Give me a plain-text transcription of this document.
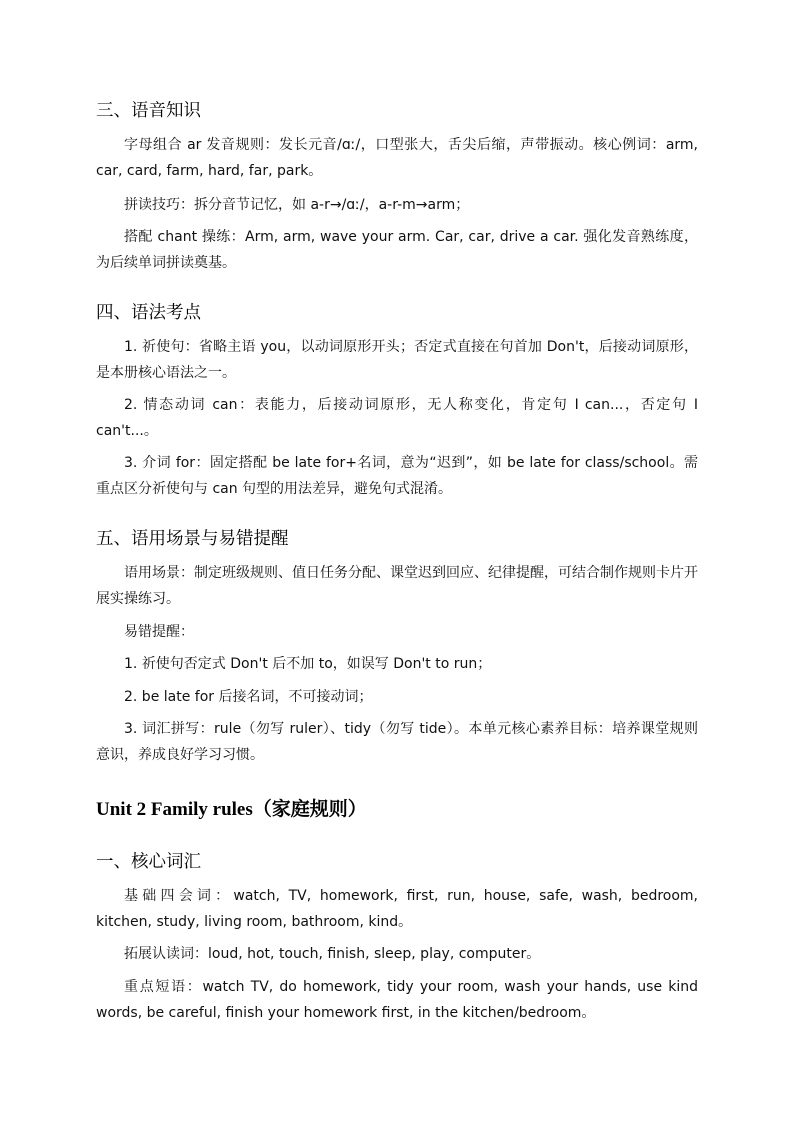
三、语音知识

字母组合 ar 发音规则：发长元音/ɑː/，口型张大，舌尖后缩，声带振动。核心例词：arm, car, card, farm, hard, far, park。

拼读技巧：拆分音节记忆，如 a-r→/ɑː/，a-r-m→arm；

搭配 chant 操练：Arm, arm, wave your arm. Car, car, drive a car. 强化发音熟练度，为后续单词拼读奠基。

四、语法考点

1. 祈使句：省略主语 you，以动词原形开头；否定式直接在句首加 Don't，后接动词原形，是本册核心语法之一。

2. 情态动词 can：表能力，后接动词原形，无人称变化，肯定句 I can...，否定句 I can't...。

3. 介词 for：固定搭配 be late for+名词，意为“迟到”，如 be late for class/school。需重点区分祈使句与 can 句型的用法差异，避免句式混淆。

五、语用场景与易错提醒

语用场景：制定班级规则、值日任务分配、课堂迟到回应、纪律提醒，可结合制作规则卡片开展实操练习。

易错提醒：

1. 祈使句否定式 Don't 后不加 to，如误写 Don't to run；

2. be late for 后接名词，不可接动词；

3. 词汇拼写：rule（勿写 ruler）、tidy（勿写 tide）。本单元核心素养目标：培养课堂规则意识，养成良好学习习惯。

Unit 2 Family rules（家庭规则）
一、核心词汇

基础四会词：watch, TV, homework, first, run, house, safe, wash, bedroom, kitchen, study, living room, bathroom, kind。

拓展认读词：loud, hot, touch, finish, sleep, play, computer。

重点短语：watch TV, do homework, tidy your room, wash your hands, use kind words, be careful, finish your homework first, in the kitchen/bedroom。
